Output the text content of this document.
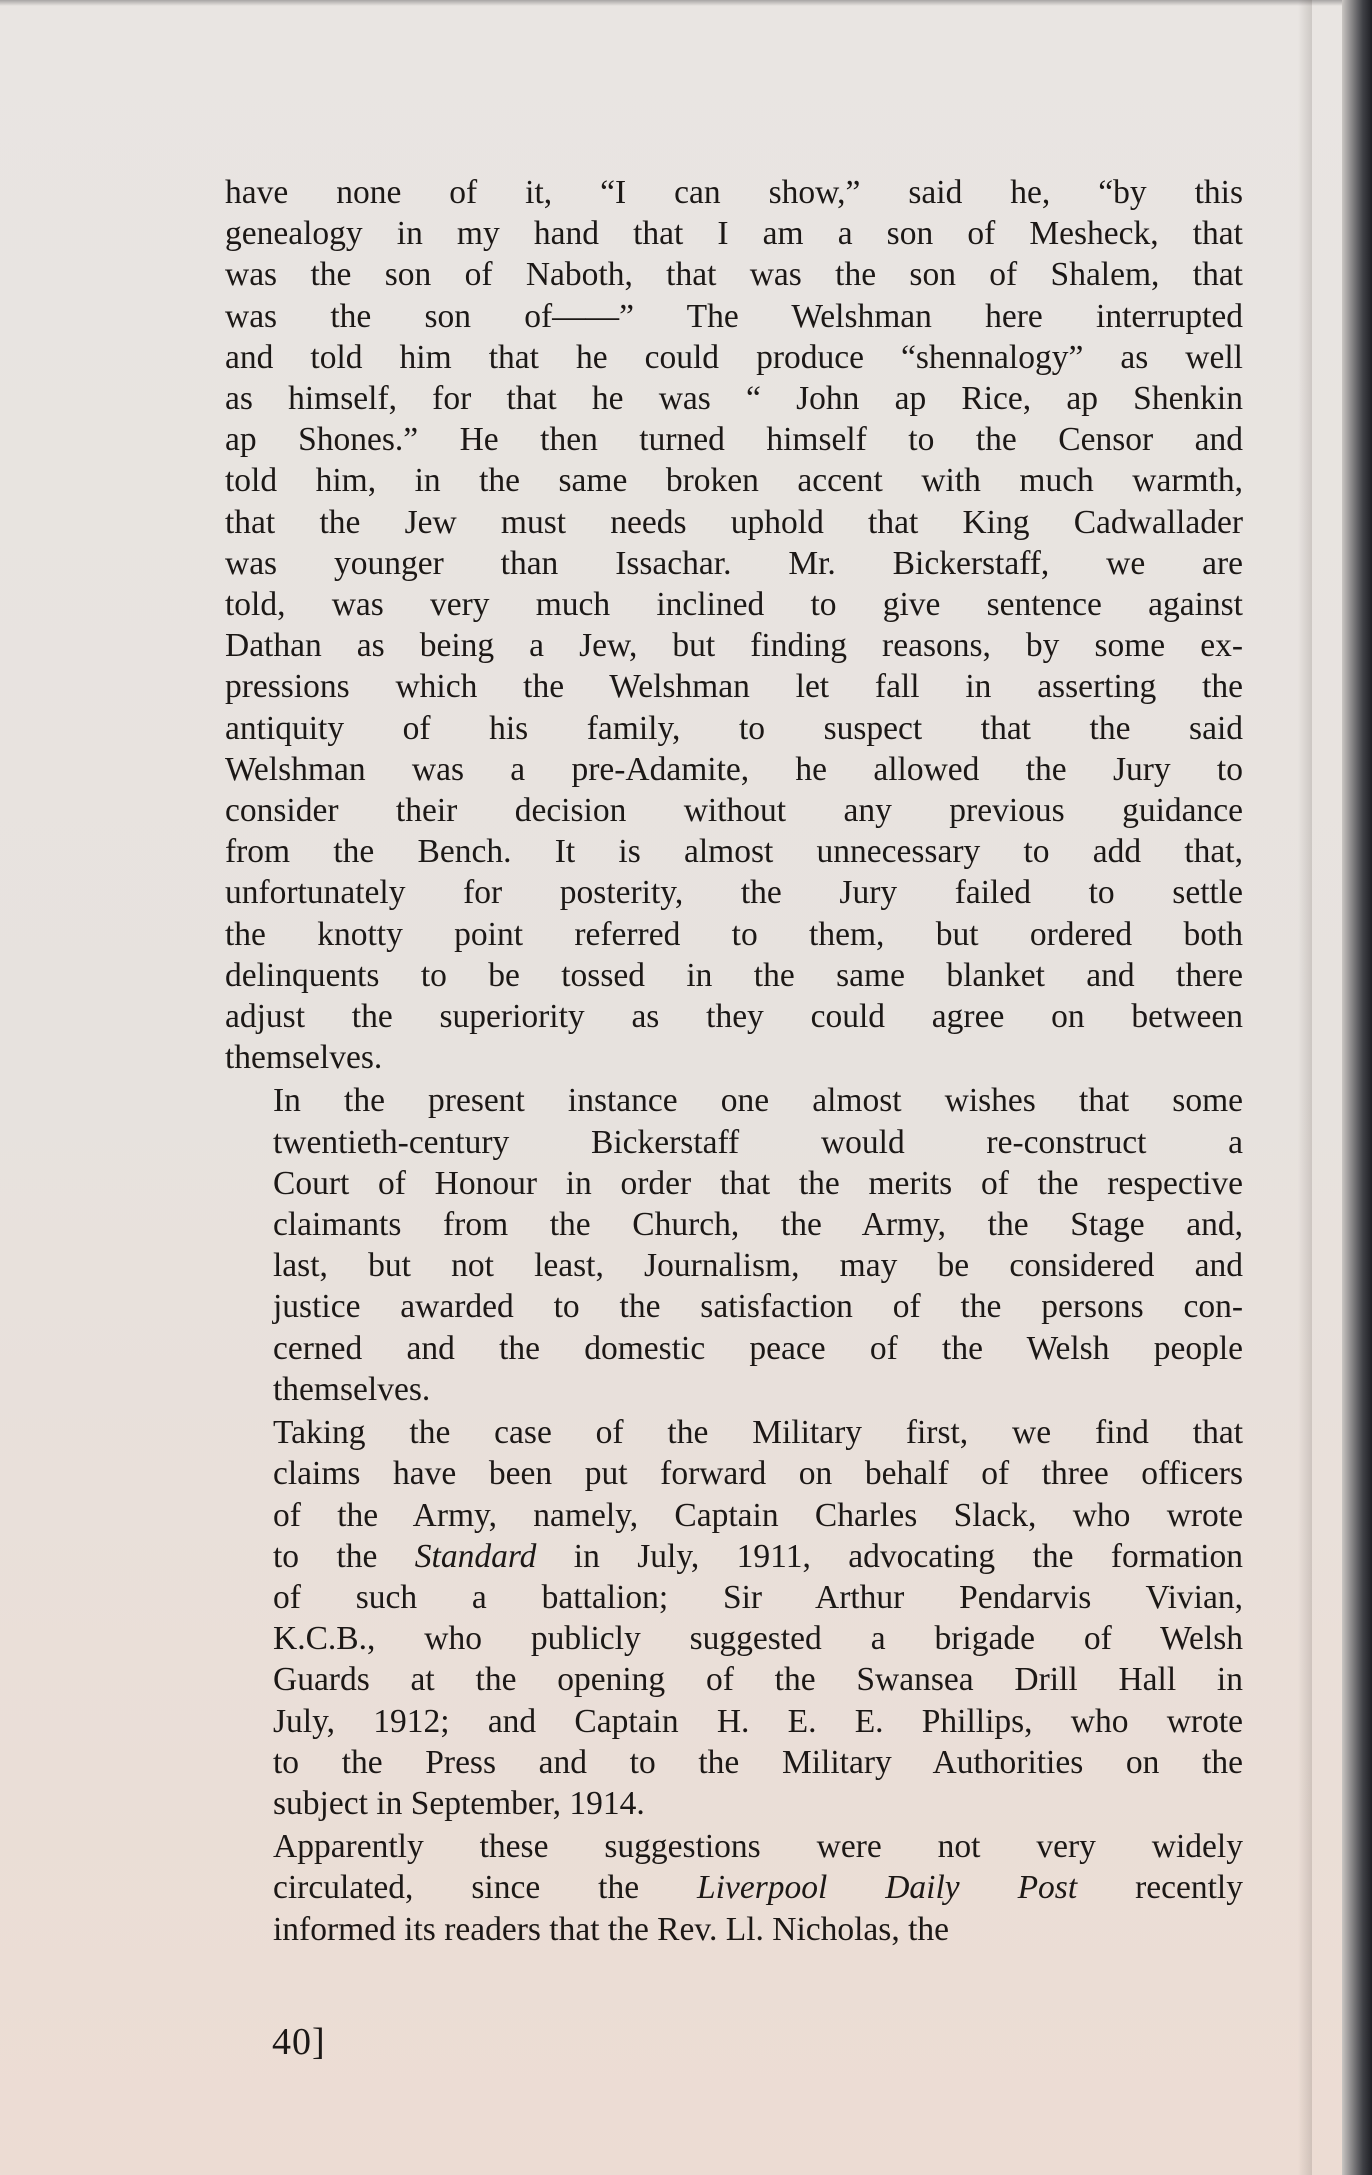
have none of it, “I can show,” said he, “by this
genealogy in my hand that I am a son of Mesheck, that
was the son of Naboth, that was the son of Shalem, that
was the son of——” The Welshman here interrupted
and told him that he could produce “shennalogy” as well
as himself, for that he was “ John ap Rice, ap Shenkin
ap Shones.” He then turned himself to the Censor and
told him, in the same broken accent with much warmth,
that the Jew must needs uphold that King Cadwallader
was younger than Issachar. Mr. Bickerstaff, we are
told, was very much inclined to give sentence against
Dathan as being a Jew, but finding reasons, by some ex-
pressions which the Welshman let fall in asserting the
antiquity of his family, to suspect that the said
Welshman was a pre-Adamite, he allowed the Jury to
consider their decision without any previous guidance
from the Bench. It is almost unnecessary to add that,
unfortunately for posterity, the Jury failed to settle
the knotty point referred to them, but ordered both
delinquents to be tossed in the same blanket and there
adjust the superiority as they could agree on between
themselves.

In the present instance one almost wishes that some
twentieth-century Bickerstaff would re-construct a
Court of Honour in order that the merits of the respective
claimants from the Church, the Army, the Stage and,
last, but not least, Journalism, may be considered and
justice awarded to the satisfaction of the persons con-
cerned and the domestic peace of the Welsh people
themselves.

Taking the case of the Military first, we find that
claims have been put forward on behalf of three officers
of the Army, namely, Captain Charles Slack, who wrote
to the Standard in July, 1911, advocating the formation
of such a battalion; Sir Arthur Pendarvis Vivian,
K.C.B., who publicly suggested a brigade of Welsh
Guards at the opening of the Swansea Drill Hall in
July, 1912; and Captain H. E. E. Phillips, who wrote
to the Press and to the Military Authorities on the
subject in September, 1914.

Apparently these suggestions were not very widely
circulated, since the Liverpool Daily Post recently
informed its readers that the Rev. Ll. Nicholas, the

40]
